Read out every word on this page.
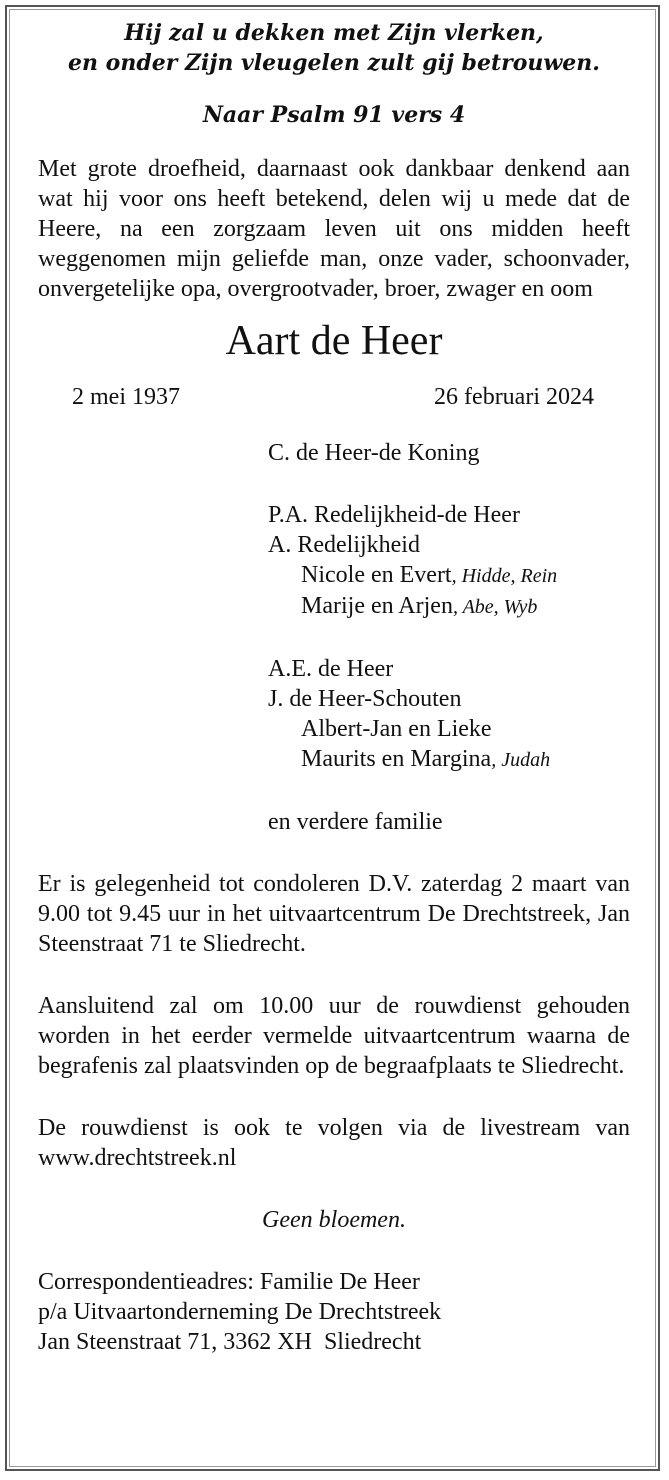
Hij zal u dekken met Zijn vlerken,
en onder Zijn vleugelen zult gij betrouwen.
Naar Psalm 91 vers 4
Met grote droefheid, daarnaast ook dankbaar denkend aan wat hij voor ons heeft betekend, delen wij u mede dat de Heere, na een zorgzaam leven uit ons midden heeft weggenomen mijn geliefde man, onze vader, schoonvader, onvergetelijke opa, overgrootvader, broer, zwager en oom
Aart de Heer
2 mei 1937	26 februari 2024
C. de Heer-de Koning
P.A. Redelijkheid-de Heer
A. Redelijkheid
Nicole en Evert, Hidde, Rein
Marije en Arjen, Abe, Wyb
A.E. de Heer
J. de Heer-Schouten
Albert-Jan en Lieke
Maurits en Margina, Judah
en verdere familie
Er is gelegenheid tot condoleren D.V. zaterdag 2 maart van 9.00 tot 9.45 uur in het uitvaartcentrum De Drechtstreek, Jan Steenstraat 71 te Sliedrecht.
Aansluitend zal om 10.00 uur de rouwdienst gehouden worden in het eerder vermelde uitvaartcentrum waarna de begrafenis zal plaatsvinden op de begraafplaats te Sliedrecht.
De rouwdienst is ook te volgen via de livestream van www.drechtstreek.nl
Geen bloemen.
Correspondentieadres: Familie De Heer
p/a Uitvaartonderneming De Drechtstreek
Jan Steenstraat 71, 3362 XH  Sliedrecht
